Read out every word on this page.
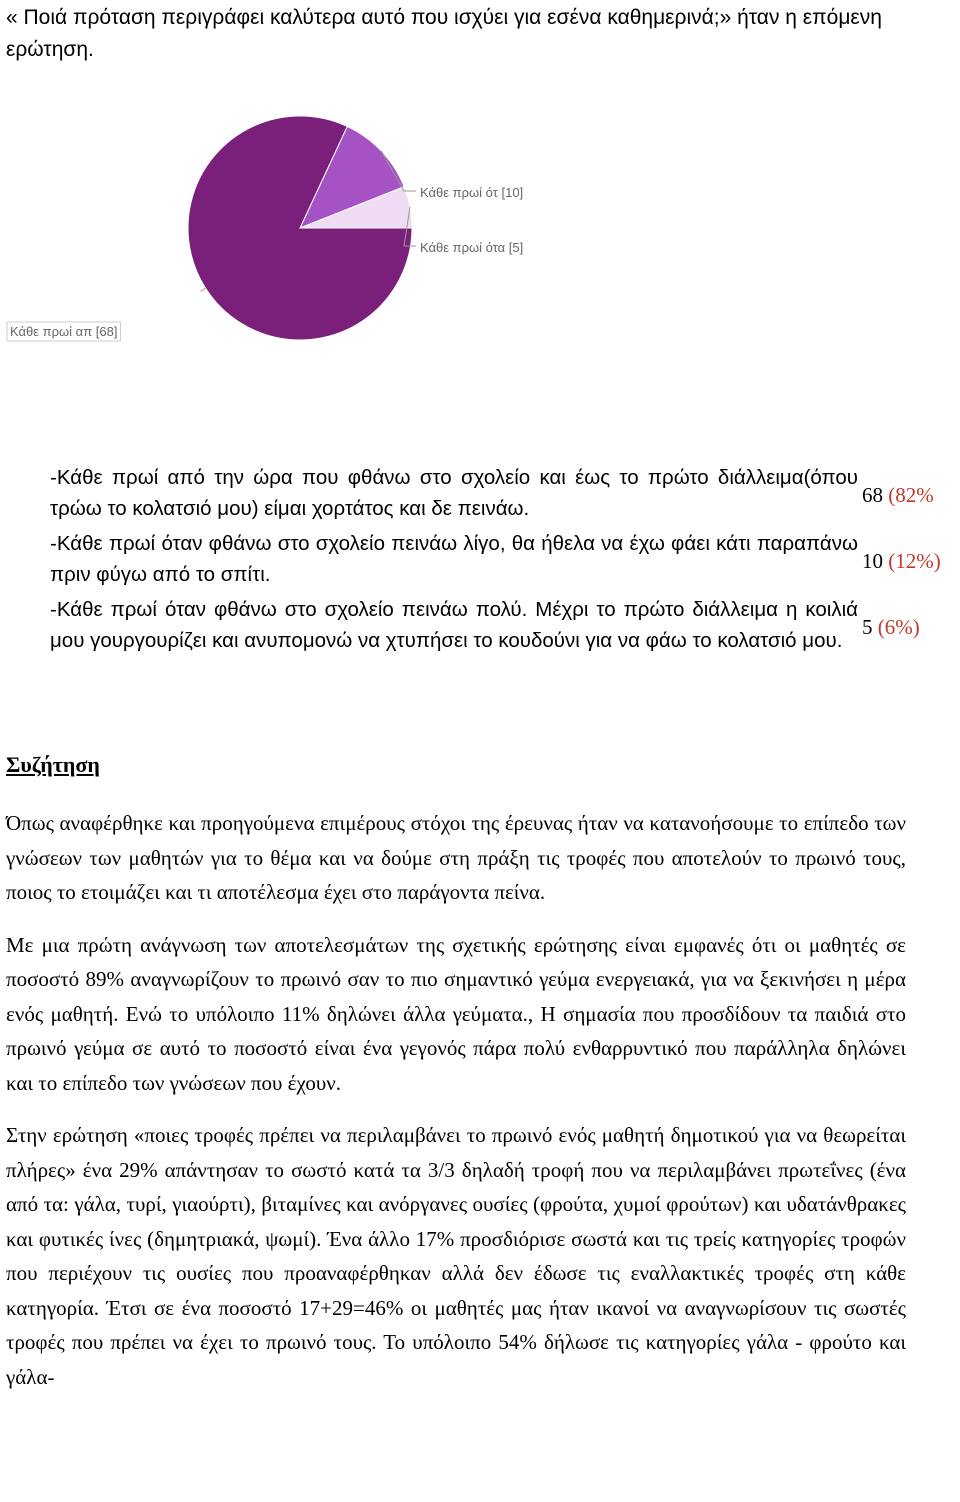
« Ποιά πρόταση περιγράφει καλύτερα αυτό που ισχύει για εσένα καθημερινά;» ήταν η επόμενη ερώτηση.

Κάθε πρωί ότ [10]
Κάθε πρωί ότα [5]
Κάθε πρωί απ [68]
-Κάθε πρωί από την ώρα που φθάνω στο σχολείο και έως το πρώτο διάλλειμα(όπου τρώω το κολατσιό μου) είμαι χορτάτος και δε πεινάω.	68 (82%
-Κάθε πρωί όταν φθάνω στο σχολείο πεινάω λίγο, θα ήθελα να έχω φάει κάτι παραπάνω πριν φύγω από το σπίτι.	10 (12%)
-Κάθε πρωί όταν φθάνω στο σχολείο πεινάω πολύ. Μέχρι το πρώτο διάλλειμα η κοιλιά μου γουργουρίζει και ανυπομονώ να χτυπήσει το κουδούνι για να φάω το κολατσιό μου.	5 (6%)
Συζήτηση

Όπως αναφέρθηκε και προηγούμενα επιμέρους στόχοι της έρευνας ήταν να κατανοήσουμε το επίπεδο των γνώσεων των μαθητών για το θέμα και να δούμε στη πράξη τις τροφές που αποτελούν το πρωινό τους, ποιος το ετοιμάζει και τι αποτέλεσμα έχει στο παράγοντα πείνα.

Με μια πρώτη ανάγνωση των αποτελεσμάτων της σχετικής ερώτησης είναι εμφανές ότι οι μαθητές σε ποσοστό 89% αναγνωρίζουν το πρωινό σαν το πιο σημαντικό γεύμα ενεργειακά, για να ξεκινήσει η μέρα ενός μαθητή. Ενώ το υπόλοιπο 11% δηλώνει άλλα γεύματα., Η σημασία που προσδίδουν τα παιδιά στο πρωινό γεύμα σε αυτό το ποσοστό είναι ένα γεγονός πάρα πολύ ενθαρρυντικό που παράλληλα δηλώνει και το επίπεδο των γνώσεων που έχουν.

Στην ερώτηση «ποιες τροφές πρέπει να περιλαμβάνει το πρωινό ενός μαθητή δημοτικού για να θεωρείται πλήρες» ένα 29% απάντησαν το σωστό κατά τα 3/3 δηλαδή τροφή που να περιλαμβάνει πρωτεΐνες (ένα από τα: γάλα, τυρί, γιαούρτι), βιταμίνες και ανόργανες ουσίες (φρούτα, χυμοί φρούτων) και υδατάνθρακες και φυτικές ίνες (δημητριακά, ψωμί). Ένα άλλο 17% προσδιόρισε σωστά και τις τρείς κατηγορίες τροφών που περιέχουν τις ουσίες που προαναφέρθηκαν αλλά δεν έδωσε τις εναλλακτικές τροφές στη κάθε κατηγορία. Έτσι σε ένα ποσοστό 17+29=46% οι μαθητές μας ήταν ικανοί να αναγνωρίσουν τις σωστές τροφές που πρέπει να έχει το πρωινό τους. Το υπόλοιπο 54% δήλωσε τις κατηγορίες γάλα - φρούτο και γάλα-
